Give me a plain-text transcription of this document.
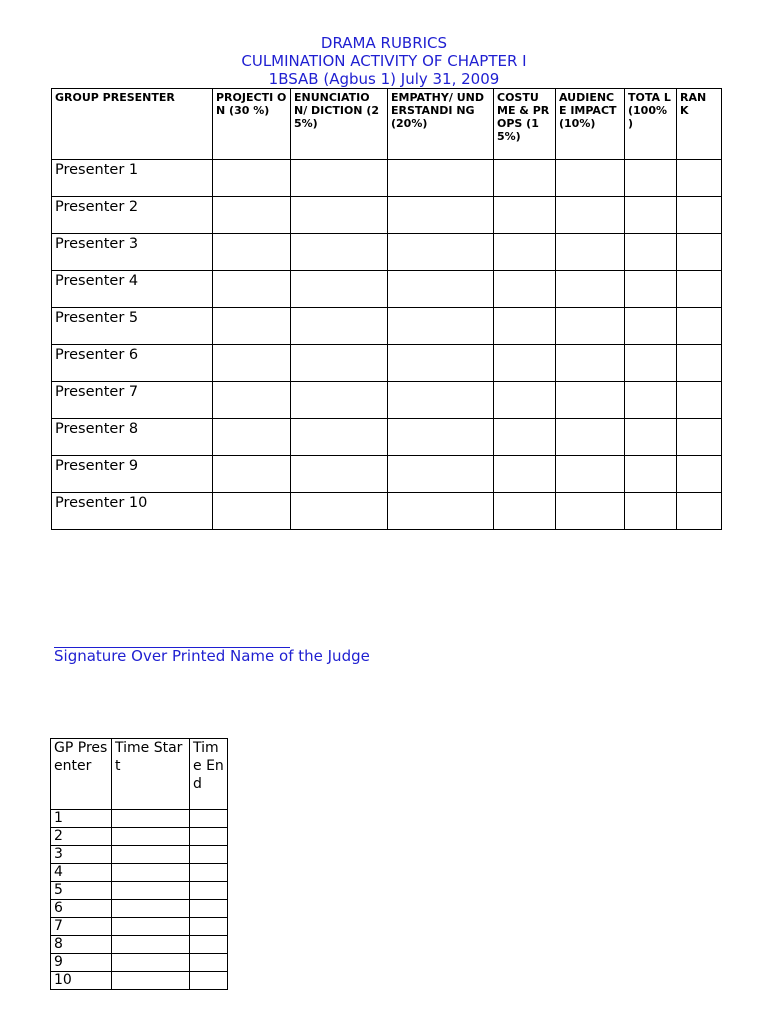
DRAMA RUBRICS
CULMINATION ACTIVITY OF CHAPTER I
1BSAB (Agbus 1) July 31, 2009
GROUP PRESENTER	PROJECTI ON (30 %)	ENUNCIATIO N/ DICTION (25%)	EMPATHY/ UNDERSTANDI NG (20%)	COSTU ME & PROPS (15%)	AUDIENC E IMPACT (10%)	TOTA L (100% )	RAN K
Presenter 1							
Presenter 2							
Presenter 3							
Presenter 4							
Presenter 5							
Presenter 6							
Presenter 7							
Presenter 8							
Presenter 9							
Presenter 10							
Signature Over Printed Name of the Judge
GP Presenter	Time Start	Time End
1		
2		
3		
4		
5		
6		
7		
8		
9		
10		
